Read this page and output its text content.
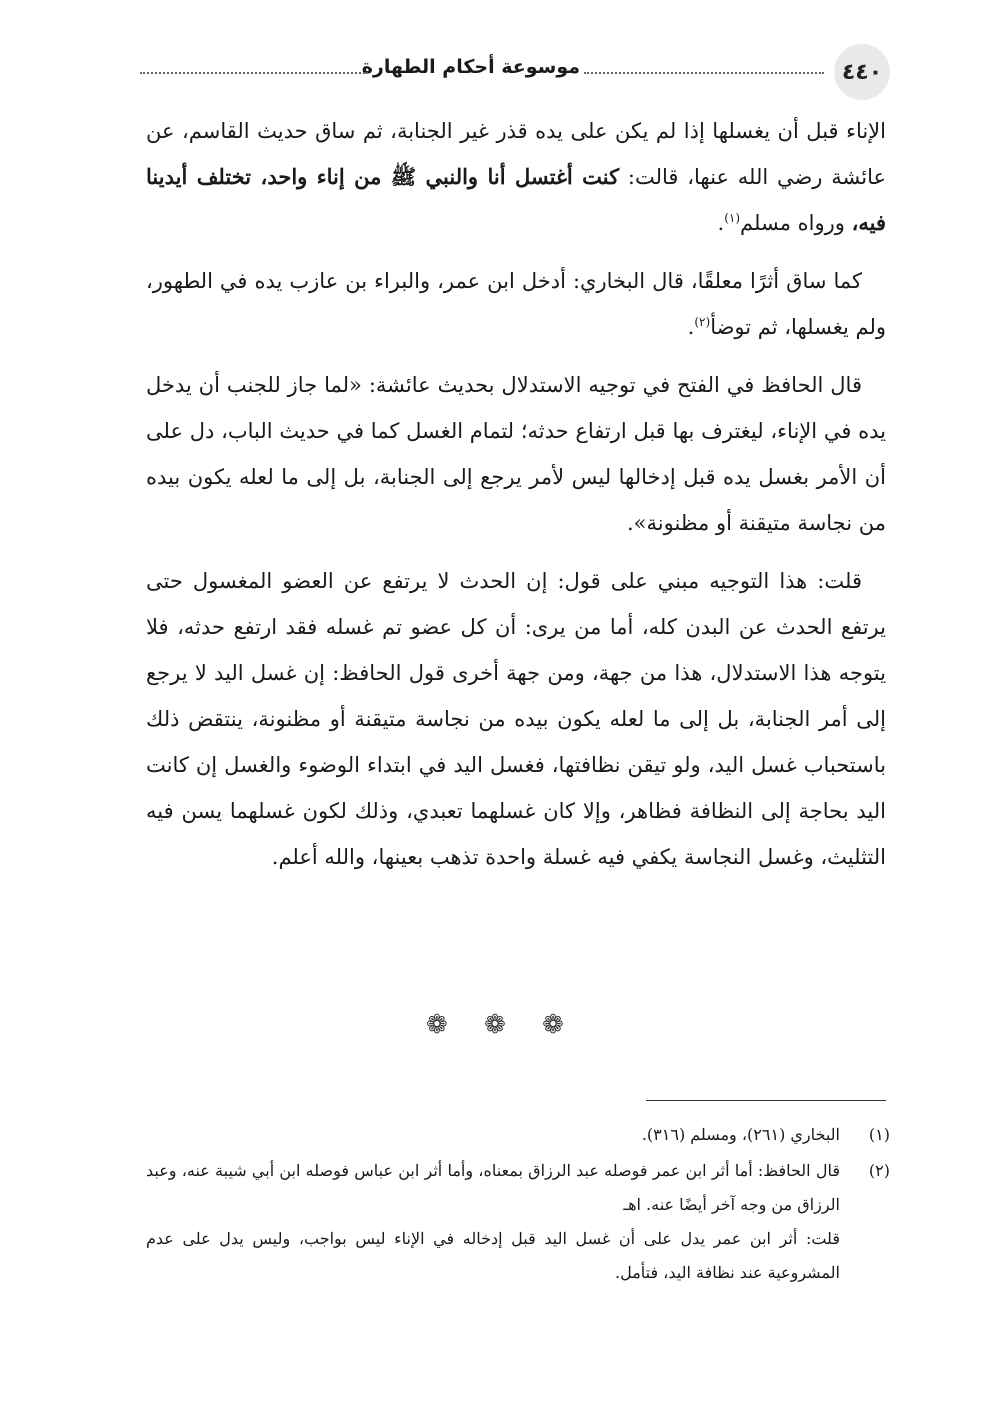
٤٤٠
موسوعة أحكام الطهارة

الإناء قبل أن يغسلها إذا لم يكن على يده قذر غير الجنابة، ثم ساق حديث القاسم، عن عائشة رضي الله عنها، قالت: كنت أغتسل أنا والنبي ﷺ من إناء واحد، تختلف أيدينا فيه، ورواه مسلم$^{(١)}$.

كما ساق أثرًا معلقًا، قال البخاري: أدخل ابن عمر، والبراء بن عازب يده في الطهور، ولم يغسلها، ثم توضأ$^{(٢)}$.

قال الحافظ في الفتح في توجيه الاستدلال بحديث عائشة: «لما جاز للجنب أن يدخل يده في الإناء، ليغترف بها قبل ارتفاع حدثه؛ لتمام الغسل كما في حديث الباب، دل على أن الأمر بغسل يده قبل إدخالها ليس لأمر يرجع إلى الجنابة، بل إلى ما لعله يكون بيده من نجاسة متيقنة أو مظنونة».

قلت: هذا التوجيه مبني على قول: إن الحدث لا يرتفع عن العضو المغسول حتى يرتفع الحدث عن البدن كله، أما من يرى: أن كل عضو تم غسله فقد ارتفع حدثه، فلا يتوجه هذا الاستدلال، هذا من جهة، ومن جهة أخرى قول الحافظ: إن غسل اليد لا يرجع إلى أمر الجنابة، بل إلى ما لعله يكون بيده من نجاسة متيقنة أو مظنونة، ينتقض ذلك باستحباب غسل اليد، ولو تيقن نظافتها، فغسل اليد في ابتداء الوضوء والغسل إن كانت اليد بحاجة إلى النظافة فظاهر، وإلا كان غسلهما تعبدي، وذلك لكون غسلهما يسن فيه التثليث، وغسل النجاسة يكفي فيه غسلة واحدة تذهب بعينها، والله أعلم.

❁ ❁ ❁
(١)
البخاري (٢٦١)، ومسلم (٣١٦).
(٢)
قال الحافظ: أما أثر ابن عمر فوصله عبد الرزاق بمعناه، وأما أثر ابن عباس فوصله ابن أبي شيبة عنه، وعبد الرزاق من وجه آخر أيضًا عنه. اهـ
قلت: أثر ابن عمر يدل على أن غسل اليد قبل إدخاله في الإناء ليس بواجب، وليس يدل على عدم المشروعية عند نظافة اليد، فتأمل.
